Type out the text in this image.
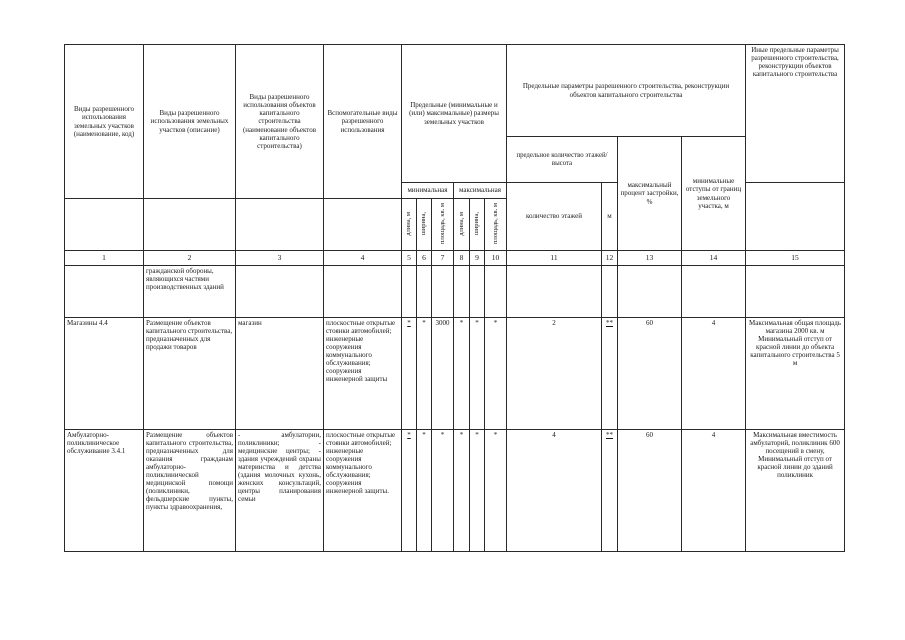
Виды разрешенного использования земельных участков (наименование, код)	Виды разрешенного использования земельных участков (описание)	Виды разрешенного использования объектов капитального строительства (наименование объектов капитального строительства)	Вспомогательные виды разрешенного использования	Предельные (минимальные и (или) максимальные) размеры земельных участков						Предельные параметры разрешенного строительства, реконструкции объектов капитального строительства				Иные предельные параметры разрешенного строительства, реконструкции объектов капитального строительства
										предельное количество этажей/высота		максимальный процент застройки, %	минимальные отступы от границ земельного участка, м	
				минимальная			максимальная			количество этажей	м			
				длина, м	ширина,	площадь, кв. м	длина, м	ширина,	площадь, кв. м					
1	2	3	4	5	6	7	8	9	10	11	12	13	14	15
	гражданской обороны, являющихся частями производственных зданий													
Магазины 4.4	Размещение объектов капитального строительства, предназначенных для продажи товаров	магазин	плоскостные открытые стоянки автомобилей; инженерные сооружения коммунального обслуживания; сооружения инженерной защиты	*	*	3000	*	*	*	2	**	60	4	Максимальная общая площадь магазина 2000 кв. м Минимальный отступ от красной линии до объекта капитального строительства 5 м
Амбулаторно-поликлиническое обслуживание 3.4.1	Размещение объектов капитального строительства, предназначенных для оказания гражданам амбулаторно-поликлинической медицинской помощи (поликлиники, фельдшерские пункты, пункты здравоохранения,	- амбулатории, поликлиники; - медицинские центры; - здания учреждений охраны материнства и детства (здания молочных кухонь, женских консультаций, центры планирования семьи	плоскостные открытые стоянки автомобилей; инженерные сооружения коммунального обслуживания; сооружения инженерной защиты.	*	*	*	*	*	*	4	**	60	4	Максимальная вместимость амбулаторий, поликлиник 600 посещений в смену, Минимальный отступ от красной линии до зданий поликлиник
